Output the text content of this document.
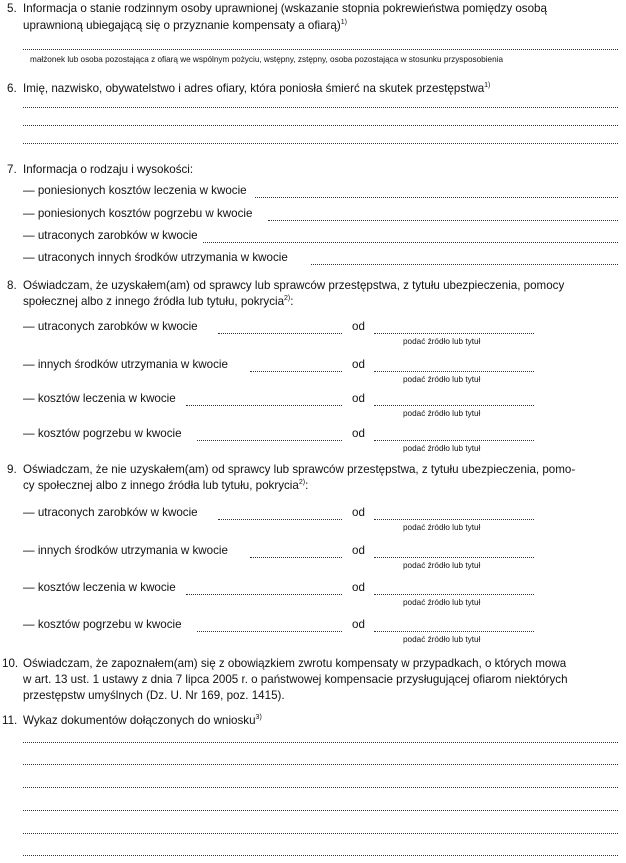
5. Informacja o stanie rodzinnym osoby uprawnionej (wskazanie stopnia pokrewieństwa pomiędzy osobą
uprawnioną ubiegającą się o przyznanie kompensaty a ofiarą)$^{1)}$
małżonek lub osoba pozostająca z ofiarą we wspólnym pożyciu, wstępny, zstępny, osoba pozostająca w stosunku przysposobienia
6. Imię, nazwisko, obywatelstwo i adres ofiary, która poniosła śmierć na skutek przestępstwa$^{1)}$
7. Informacja o rodzaju i wysokości:
— poniesionych kosztów leczenia w kwocie
— poniesionych kosztów pogrzebu w kwocie
— utraconych zarobków w kwocie
— utraconych innych środków utrzymania w kwocie
8. Oświadczam, że uzyskałem(am) od sprawcy lub sprawców przestępstwa, z tytułu ubezpieczenia, pomocy
społecznej albo z innego źródła lub tytułu, pokrycia$^{2)}$:
— utraconych zarobków w kwocie	od
podać źródło lub tytuł
— innych środków utrzymania w kwocie	od
podać źródło lub tytuł
— kosztów leczenia w kwocie	od
podać źródło lub tytuł
— kosztów pogrzebu w kwocie	od
podać źródło lub tytuł
9. Oświadczam, że nie uzyskałem(am) od sprawcy lub sprawców przestępstwa, z tytułu ubezpieczenia, pomo-
cy społecznej albo z innego źródła lub tytułu, pokrycia$^{2)}$:
— utraconych zarobków w kwocie	od
podać źródło lub tytuł
— innych środków utrzymania w kwocie	od
podać źródło lub tytuł
— kosztów leczenia w kwocie	od
podać źródło lub tytuł
— kosztów pogrzebu w kwocie	od
podać źródło lub tytuł
10. Oświadczam, że zapoznałem(am) się z obowiązkiem zwrotu kompensaty w przypadkach, o których mowa
w art. 13 ust. 1 ustawy z dnia 7 lipca 2005 r. o państwowej kompensacie przysługującej ofiarom niektórych
przestępstw umyślnych (Dz. U. Nr 169, poz. 1415).
11. Wykaz dokumentów dołączonych do wniosku$^{3)}$
